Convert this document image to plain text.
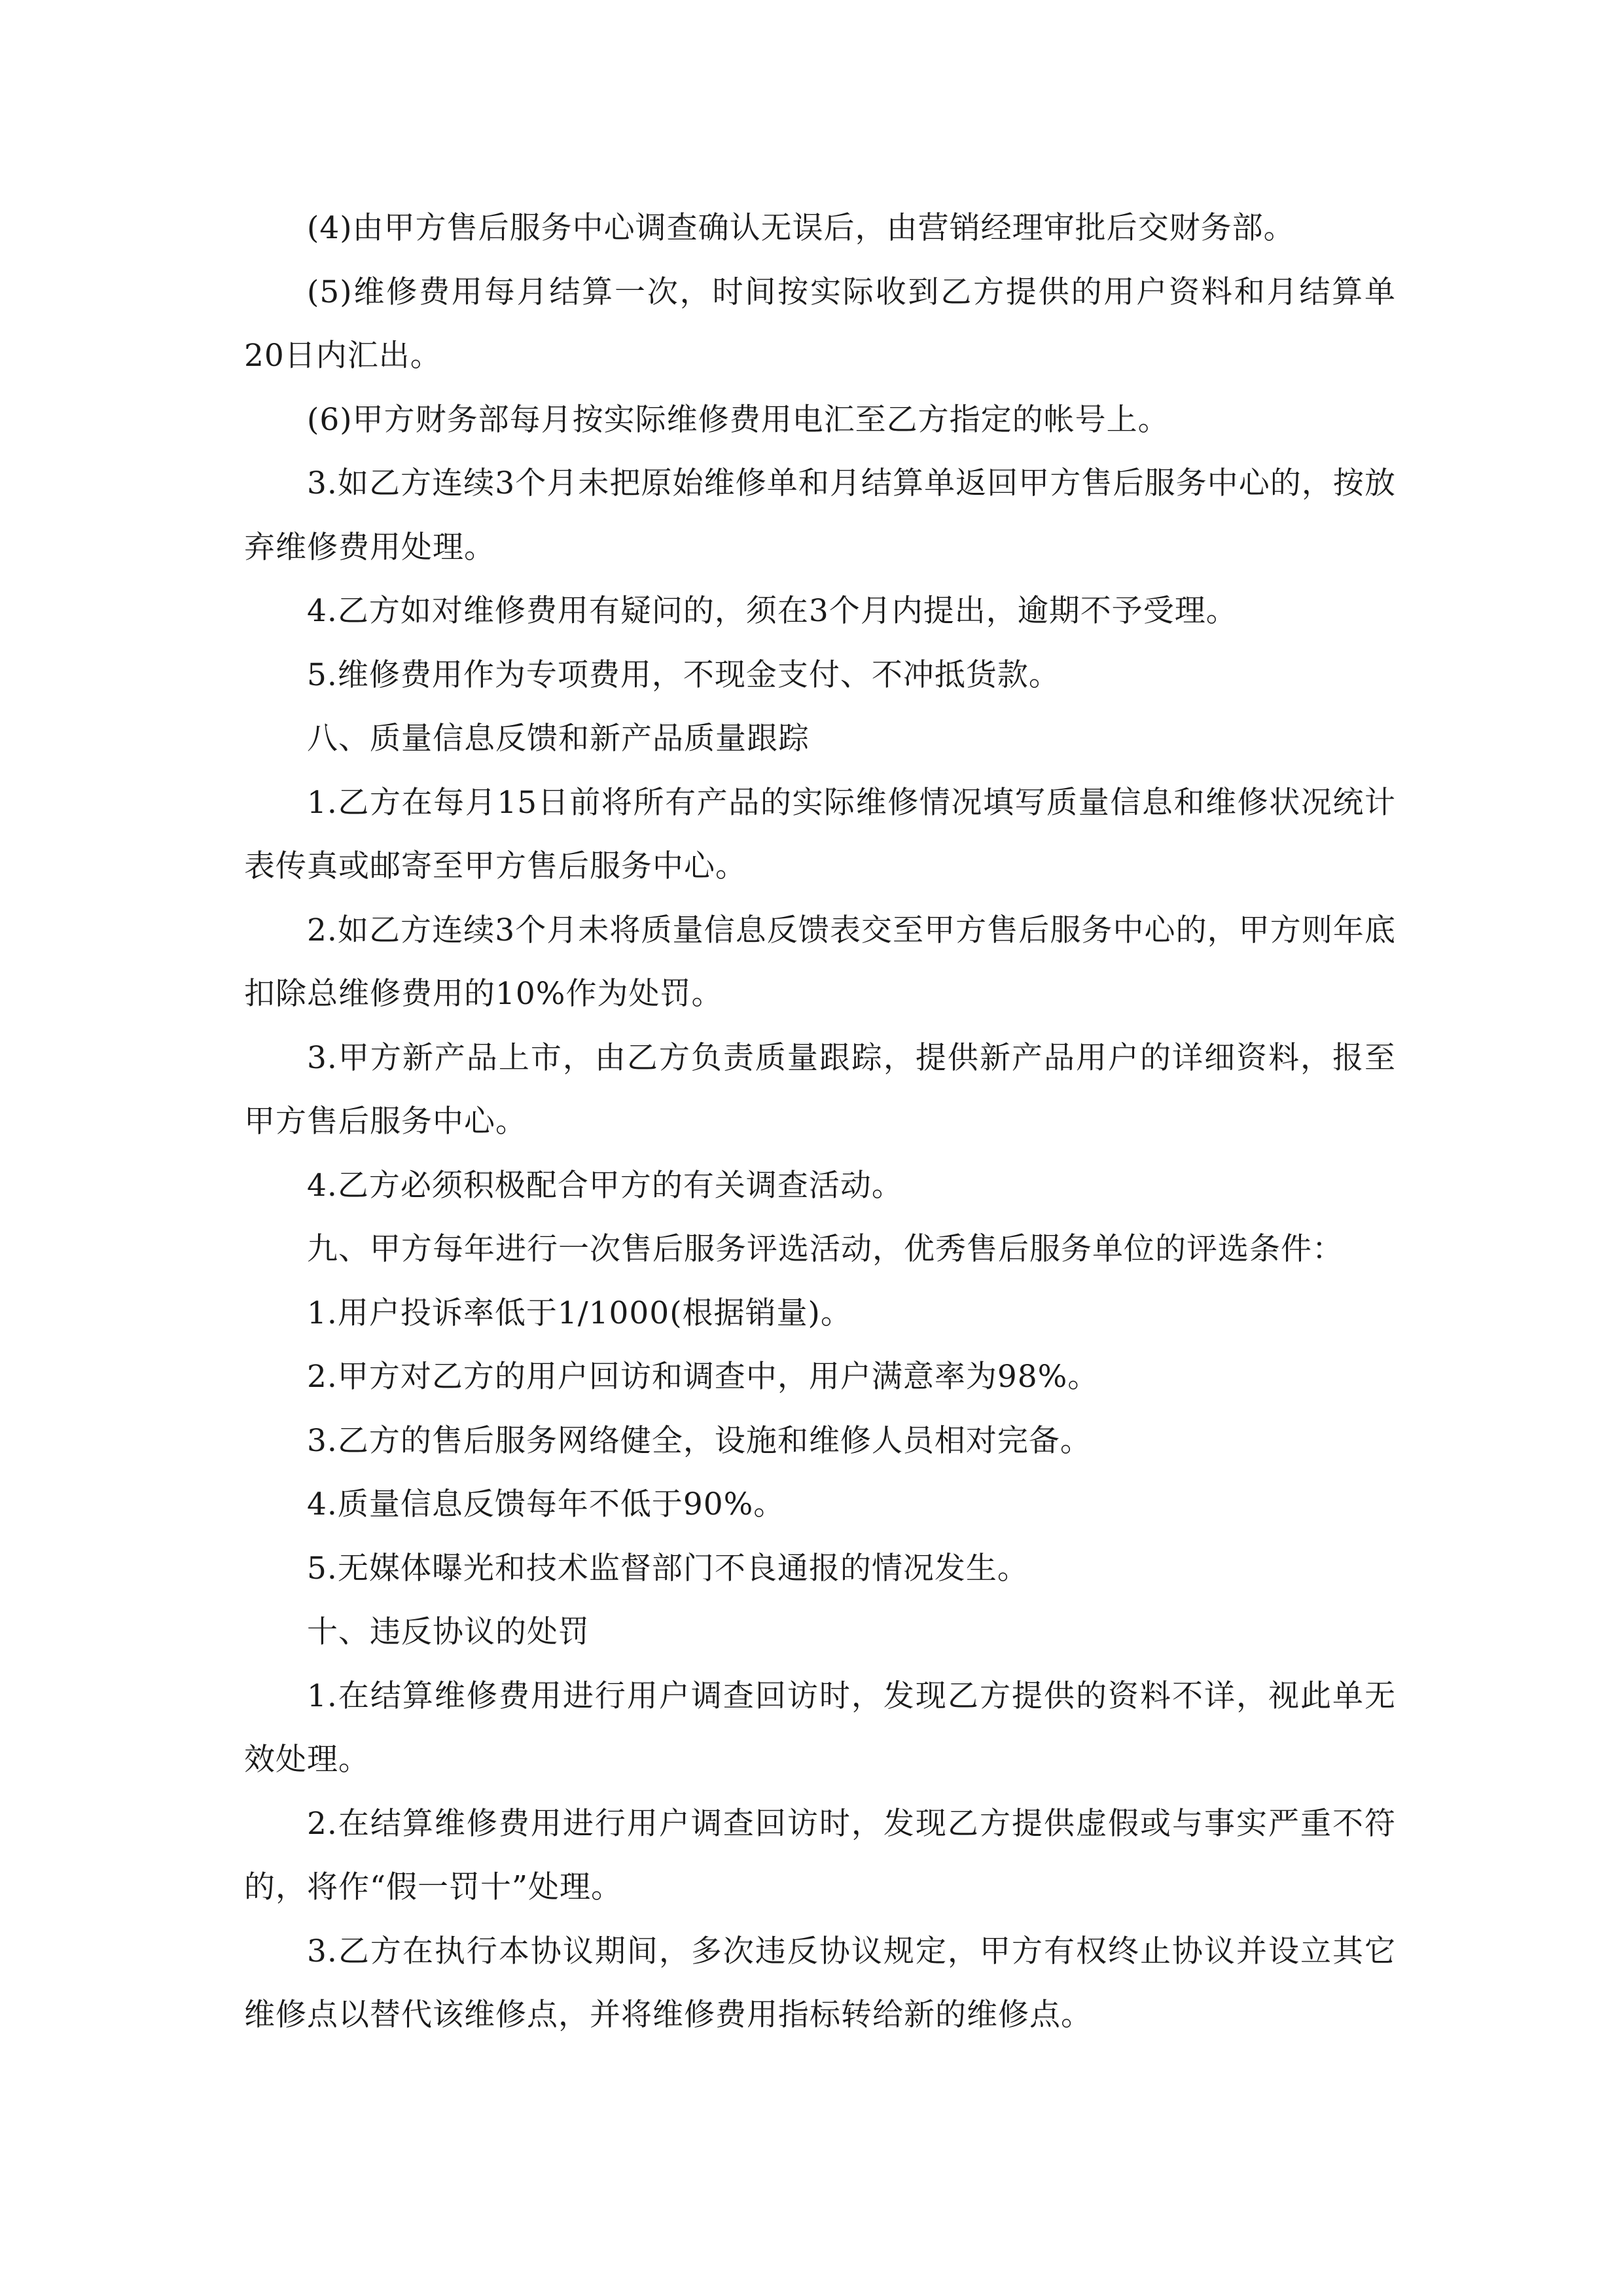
(4)由甲方售后服务中心调查确认无误后，由营销经理审批后交财务部。

(5)维修费用每月结算一次，时间按实际收到乙方提供的用户资料和月结算单20日内汇出。

(6)甲方财务部每月按实际维修费用电汇至乙方指定的帐号上。

3.如乙方连续3个月未把原始维修单和月结算单返回甲方售后服务中心的，按放弃维修费用处理。

4.乙方如对维修费用有疑问的，须在3个月内提出，逾期不予受理。

5.维修费用作为专项费用，不现金支付、不冲抵货款。

八、质量信息反馈和新产品质量跟踪

1.乙方在每月15日前将所有产品的实际维修情况填写质量信息和维修状况统计表传真或邮寄至甲方售后服务中心。

2.如乙方连续3个月未将质量信息反馈表交至甲方售后服务中心的，甲方则年底扣除总维修费用的10%作为处罚。

3.甲方新产品上市，由乙方负责质量跟踪，提供新产品用户的详细资料，报至甲方售后服务中心。

4.乙方必须积极配合甲方的有关调查活动。

九、甲方每年进行一次售后服务评选活动，优秀售后服务单位的评选条件：

1.用户投诉率低于1/1000(根据销量)。

2.甲方对乙方的用户回访和调查中，用户满意率为98%。

3.乙方的售后服务网络健全，设施和维修人员相对完备。

4.质量信息反馈每年不低于90%。

5.无媒体曝光和技术监督部门不良通报的情况发生。

十、违反协议的处罚

1.在结算维修费用进行用户调查回访时，发现乙方提供的资料不详，视此单无效处理。

2.在结算维修费用进行用户调查回访时，发现乙方提供虚假或与事实严重不符的，将作“假一罚十”处理。

3.乙方在执行本协议期间，多次违反协议规定，甲方有权终止协议并设立其它维修点以替代该维修点，并将维修费用指标转给新的维修点。
